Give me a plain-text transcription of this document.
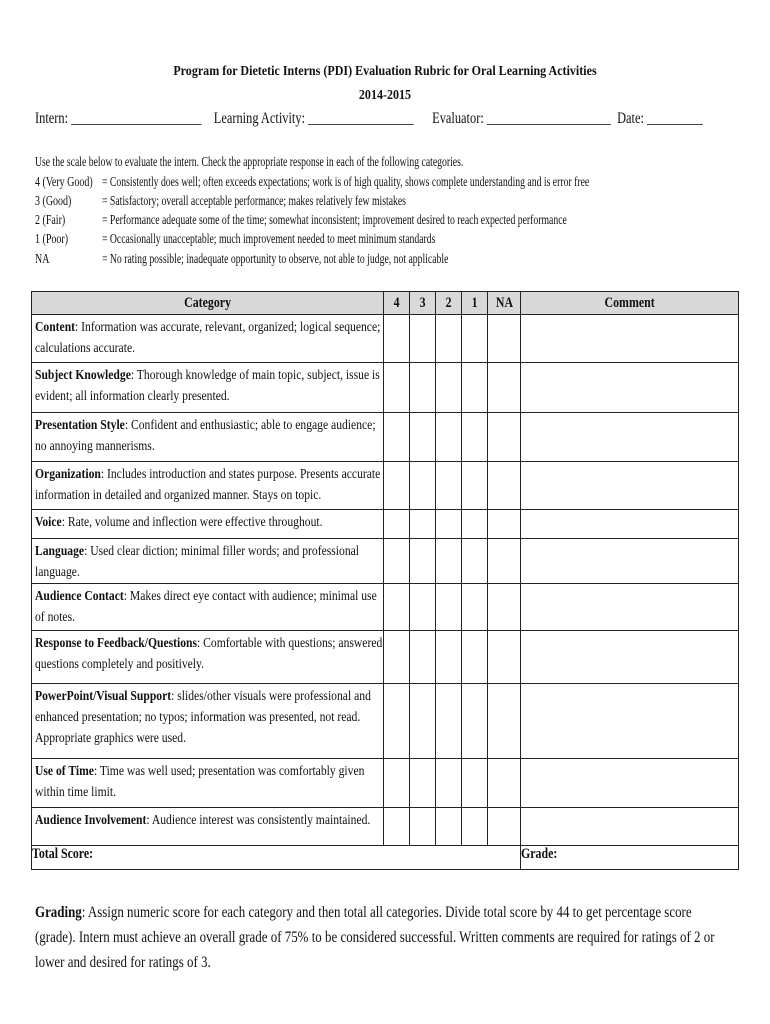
Program for Dietetic Interns (PDI) Evaluation Rubric for Oral Learning Activities
2014-2015
Intern: _____________________ Learning Activity: _________________ Evaluator: ____________________ Date: _________
Use the scale below to evaluate the intern. Check the appropriate response in each of the following categories.
4 (Very Good) = Consistently does well; often exceeds expectations; work is of high quality, shows complete understanding and is error free
3 (Good) = Satisfactory; overall acceptable performance; makes relatively few mistakes
2 (Fair)	= Performance adequate some of the time; somewhat inconsistent; improvement desired to reach expected performance
1 (Poor)	= Occasionally unacceptable; much improvement needed to meet minimum standards
NA	= No rating possible; inadequate opportunity to observe, not able to judge, not applicable
Category	4	3	2	1	NA	Comment

Content: Information was accurate, relevant, organized; logical sequence; calculations accurate.						

Subject Knowledge: Thorough knowledge of main topic, subject, issue is evident; all information clearly presented.						

Presentation Style: Confident and enthusiastic; able to engage audience; no annoying mannerisms.						

Organization: Includes introduction and states purpose. Presents accurate information in detailed and organized manner. Stays on topic.						

Voice: Rate, volume and inflection were effective throughout.						

Language: Used clear diction; minimal filler words; and professional language.						

Audience Contact: Makes direct eye contact with audience; minimal use of notes.						

Response to Feedback/Questions: Comfortable with questions; answered questions completely and positively.						

PowerPoint/Visual Support: slides/other visuals were professional and enhanced presentation; no typos; information was presented, not read. Appropriate graphics were used.						

Use of Time: Time was well used; presentation was comfortably given within time limit.						

Audience Involvement: Audience interest was consistently maintained.						

Total Score:						Grade:
Grading: Assign numeric score for each category and then total all categories. Divide total score by 44 to get percentage score (grade). Intern must achieve an overall grade of 75% to be considered successful. Written comments are required for ratings of 2 or lower and desired for ratings of 3.
